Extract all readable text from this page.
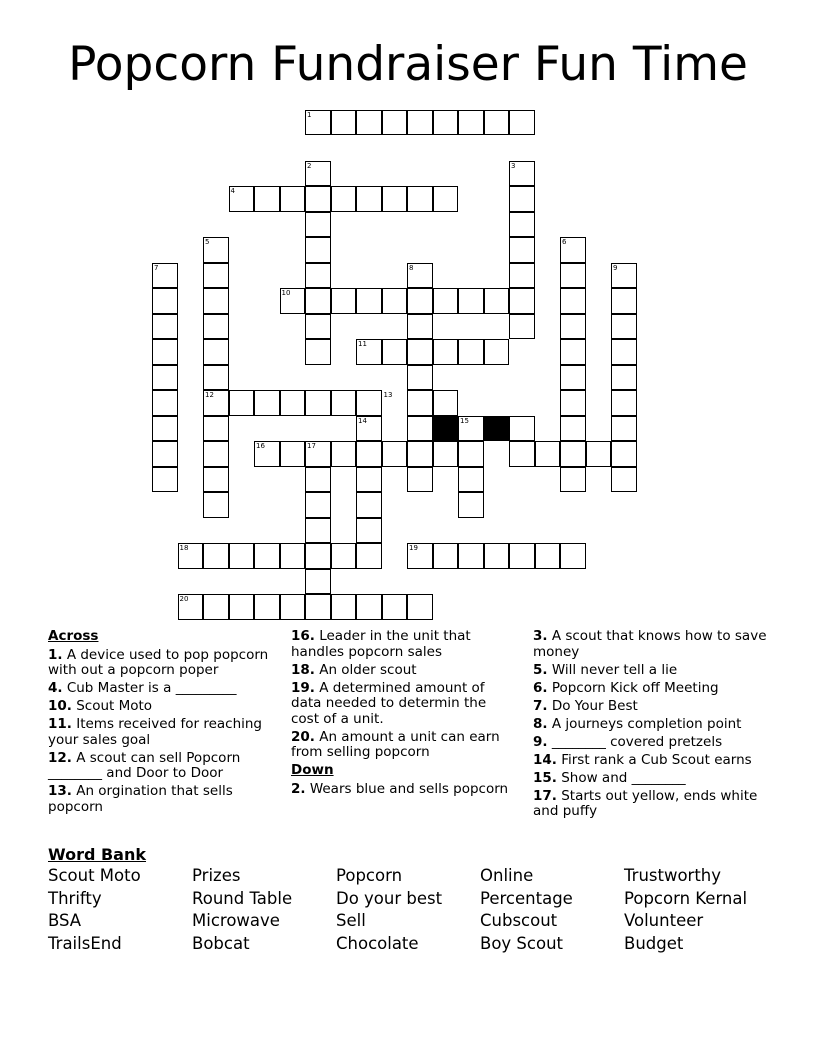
Popcorn Fundraiser Fun Time
1
2	3
4
5	6
7	8	9
10
11
12	13
14	15
16	17
18	19
20
Across
1. A device used to pop popcorn with out a popcorn poper
4. Cub Master is a _________
10. Scout Moto
11. Items received for reaching your sales goal
12. A scout can sell Popcorn ________ and Door to Door
13. An orgination that sells popcorn
16. Leader in the unit that handles popcorn sales
18. An older scout
19. A determined amount of data needed to determin the cost of a unit.
20. An amount a unit can earn from selling popcorn
Down
2. Wears blue and sells popcorn
3. A scout that knows how to save money
5. Will never tell a lie
6. Popcorn Kick off Meeting
7. Do Your Best
8. A journeys completion point
9. ________ covered pretzels
14. First rank a Cub Scout earns
15. Show and ________
17. Starts out yellow, ends white and puffy
Word Bank
Scout Moto	Prizes	Popcorn	Online	Trustworthy
Thrifty	Round Table	Do your best	Percentage	Popcorn Kernal
BSA	Microwave	Sell	Cubscout	Volunteer
TrailsEnd	Bobcat	Chocolate	Boy Scout	Budget
